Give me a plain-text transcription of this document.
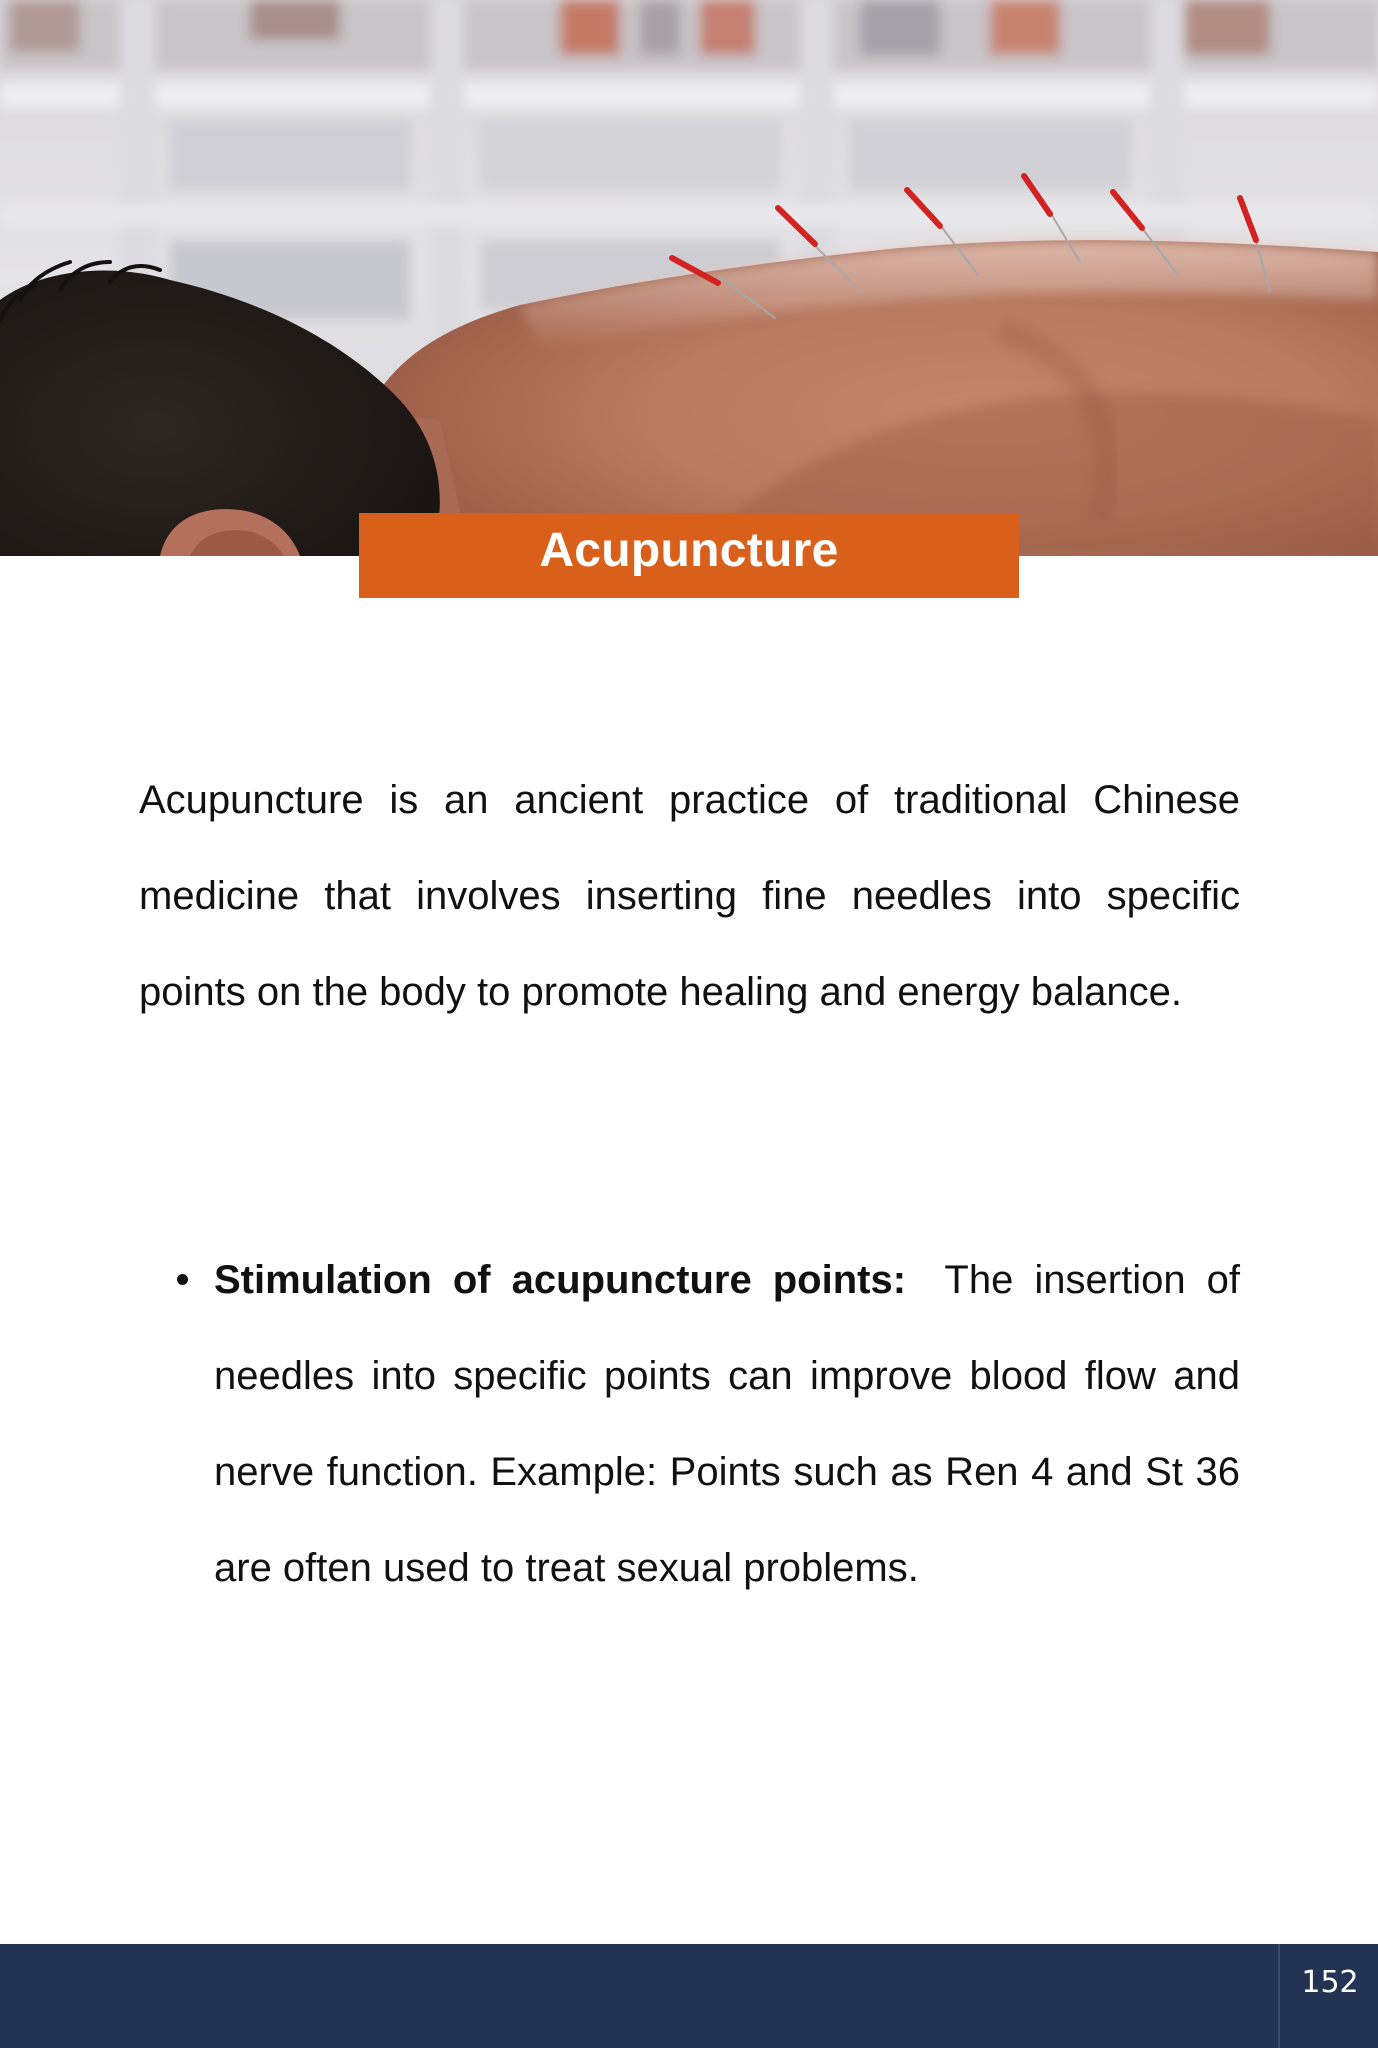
Acupuncture

Acupuncture is an ancient practice of traditional Chinese medicine that involves inserting fine needles into specific points on the body to promote healing and energy balance.

Stimulation of acupuncture points: The insertion of needles into specific points can improve blood flow and nerve function. Example: Points such as Ren 4 and St 36 are often used to treat sexual problems.
152
